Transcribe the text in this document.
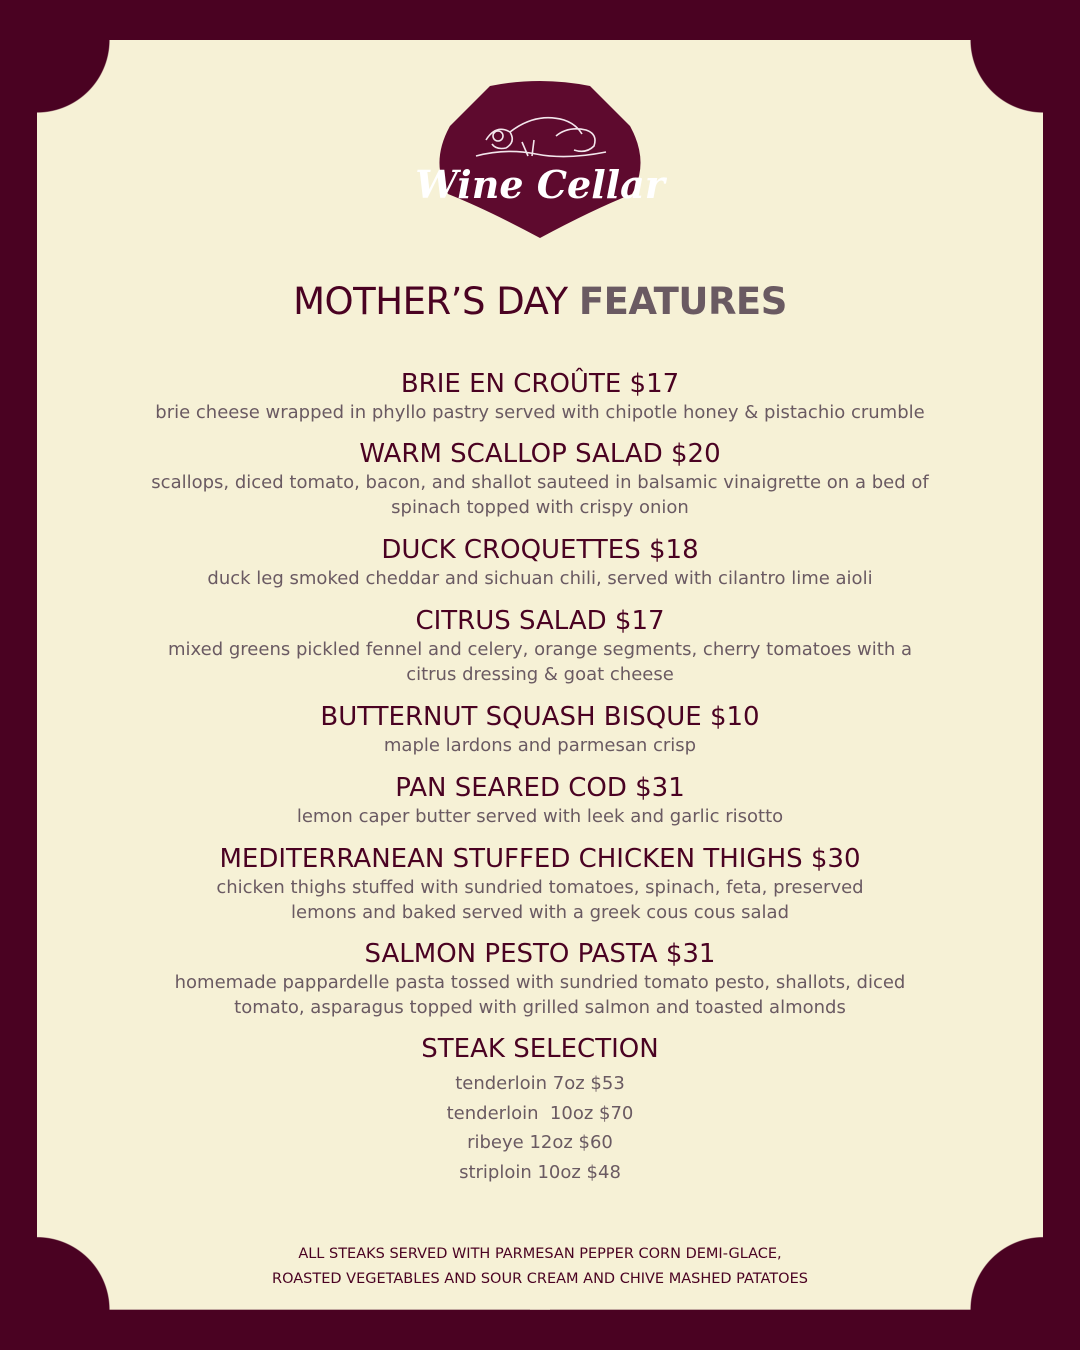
Wine Cellar
MOTHER’S DAY FEATURES
BRIE EN CROÛTE $17
brie cheese wrapped in phyllo pastry served with chipotle honey & pistachio crumble
WARM SCALLOP SALAD $20
scallops, diced tomato, bacon, and shallot sauteed in balsamic vinaigrette on a bed of
spinach topped with crispy onion
DUCK CROQUETTES $18
duck leg smoked cheddar and sichuan chili, served with cilantro lime aioli
CITRUS SALAD $17
mixed greens pickled fennel and celery, orange segments, cherry tomatoes with a
citrus dressing & goat cheese
BUTTERNUT SQUASH BISQUE $10
maple lardons and parmesan crisp
PAN SEARED COD $31
lemon caper butter served with leek and garlic risotto
MEDITERRANEAN STUFFED CHICKEN THIGHS $30
chicken thighs stuffed with sundried tomatoes, spinach, feta, preserved
lemons and baked served with a greek cous cous salad
SALMON PESTO PASTA $31
homemade pappardelle pasta tossed with sundried tomato pesto, shallots, diced
tomato, asparagus topped with grilled salmon and toasted almonds
STEAK SELECTION
tenderloin 7oz $53
tenderloin  10oz $70
ribeye 12oz $60
striploin 10oz $48
ALL STEAKS SERVED WITH PARMESAN PEPPER CORN DEMI-GLACE,
ROASTED VEGETABLES AND SOUR CREAM AND CHIVE MASHED PATATOES
